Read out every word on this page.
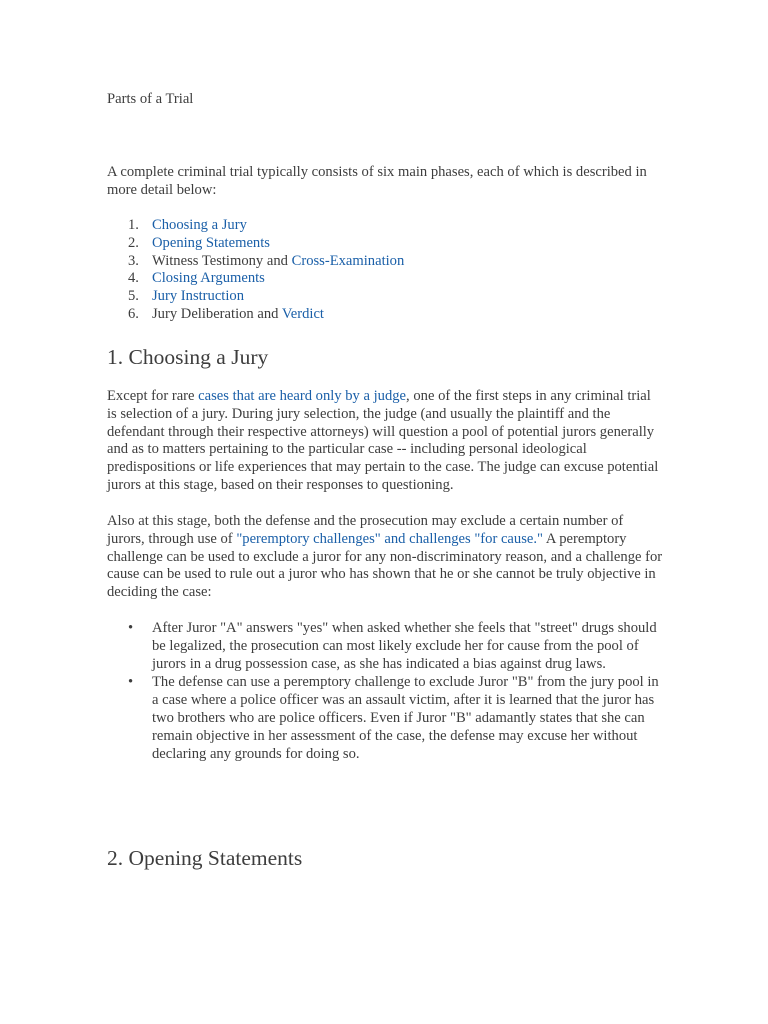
Parts of a Trial

A complete criminal trial typically consists of six main phases, each of which is described in more detail below:

1. Choosing a Jury
2. Opening Statements
3. Witness Testimony and Cross-Examination
4. Closing Arguments
5. Jury Instruction
6. Jury Deliberation and Verdict
1. Choosing a Jury

Except for rare cases that are heard only by a judge, one of the first steps in any criminal trial is selection of a jury. During jury selection, the judge (and usually the plaintiff and the defendant through their respective attorneys) will question a pool of potential jurors generally and as to matters pertaining to the particular case -- including personal ideological predispositions or life experiences that may pertain to the case. The judge can excuse potential jurors at this stage, based on their responses to questioning.

Also at this stage, both the defense and the prosecution may exclude a certain number of jurors, through use of "peremptory challenges" and challenges "for cause." A peremptory challenge can be used to exclude a juror for any non-discriminatory reason, and a challenge for cause can be used to rule out a juror who has shown that he or she cannot be truly objective in deciding the case:

• After Juror "A" answers "yes" when asked whether she feels that "street" drugs should be legalized, the prosecution can most likely exclude her for cause from the pool of jurors in a drug possession case, as she has indicated a bias against drug laws.
• The defense can use a peremptory challenge to exclude Juror "B" from the jury pool in a case where a police officer was an assault victim, after it is learned that the juror has two brothers who are police officers. Even if Juror "B" adamantly states that she can remain objective in her assessment of the case, the defense may excuse her without declaring any grounds for doing so.
2. Opening Statements
